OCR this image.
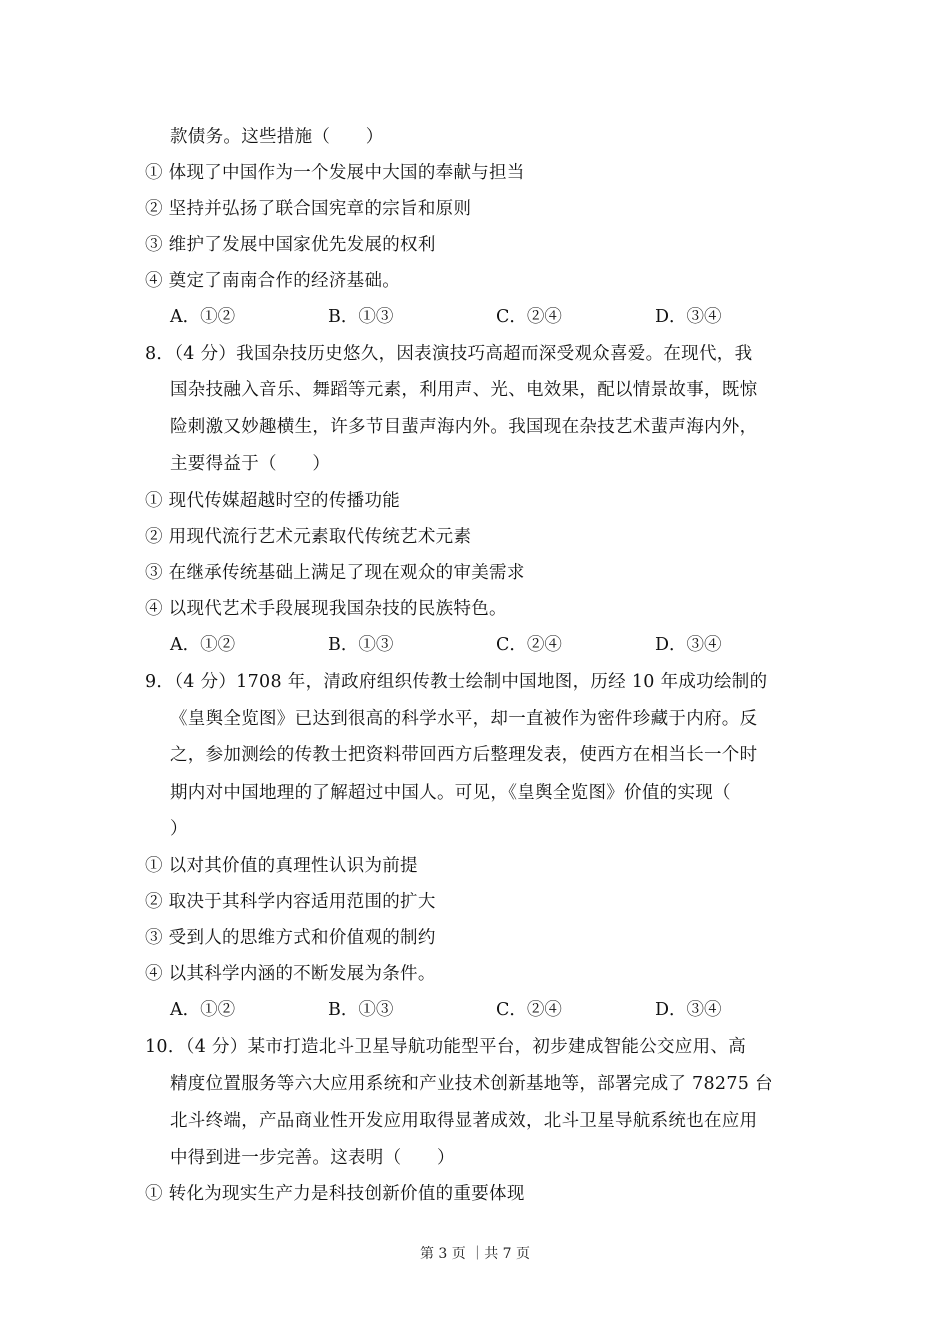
款债务。这些措施（　　）
① 体现了中国作为一个发展中大国的奉献与担当
② 坚持并弘扬了联合国宪章的宗旨和原则
③ 维护了发展中国家优先发展的权利
④ 奠定了南南合作的经济基础。
A．①②	B．①③	C．②④	D．③④
8．（4 分）我国杂技历史悠久，因表演技巧高超而深受观众喜爱。在现代，我
国杂技融入音乐、舞蹈等元素，利用声、光、电效果，配以情景故事，既惊
险刺激又妙趣横生，许多节目蜚声海内外。我国现在杂技艺术蜚声海内外，
主要得益于（　　）
① 现代传媒超越时空的传播功能
② 用现代流行艺术元素取代传统艺术元素
③ 在继承传统基础上满足了现在观众的审美需求
④ 以现代艺术手段展现我国杂技的民族特色。
A．①②	B．①③	C．②④	D．③④
9．（4 分）1708 年，清政府组织传教士绘制中国地图，历经 10 年成功绘制的
《皇舆全览图》已达到很高的科学水平，却一直被作为密件珍藏于内府。反
之，参加测绘的传教士把资料带回西方后整理发表，使西方在相当长一个时
期内对中国地理的了解超过中国人。可见，《皇舆全览图》价值的实现（
）
① 以对其价值的真理性认识为前提
② 取决于其科学内容适用范围的扩大
③ 受到人的思维方式和价值观的制约
④ 以其科学内涵的不断发展为条件。
A．①②	B．①③	C．②④	D．③④
10．（4 分）某市打造北斗卫星导航功能型平台，初步建成智能公交应用、高
精度位置服务等六大应用系统和产业技术创新基地等，部署完成了 78275 台
北斗终端，产品商业性开发应用取得显著成效，北斗卫星导航系统也在应用
中得到进一步完善。这表明（　　）
① 转化为现实生产力是科技创新价值的重要体现
第 3 页 ｜共 7 页
